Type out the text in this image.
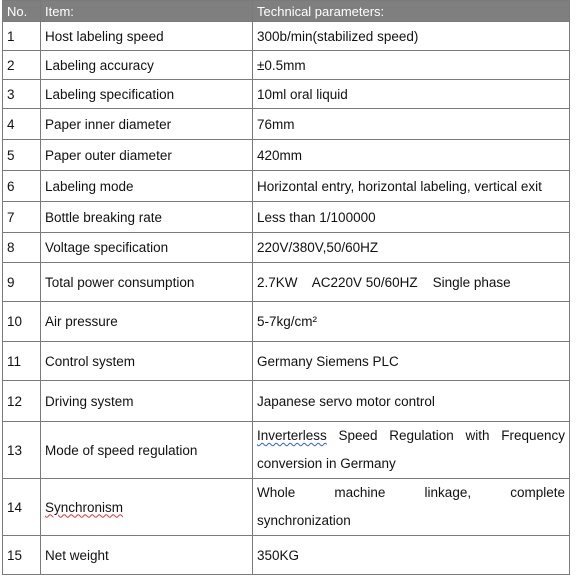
No.	Item:	Technical parameters:
1	Host labeling speed	300b/min(stabilized speed)
2	Labeling accuracy	±0.5mm
3	Labeling specification	10ml oral liquid
4	Paper inner diameter	76mm
5	Paper outer diameter	420mm
6	Labeling mode	Horizontal entry, horizontal labeling, vertical exit
7	Bottle breaking rate	Less than 1/100000
8	Voltage specification	220V/380V,50/60HZ
9	Total power consumption	2.7KW    AC220V 50/60HZ    Single phase
10	Air pressure	5-7kg/cm²
11	Control system	Germany Siemens PLC
12	Driving system	Japanese servo motor control
13	Mode of speed regulation	Inverterless Speed Regulation with Frequency
conversion in Germany
14	Synchronism	Whole machine linkage, complete
synchronization
15	Net weight	350KG
